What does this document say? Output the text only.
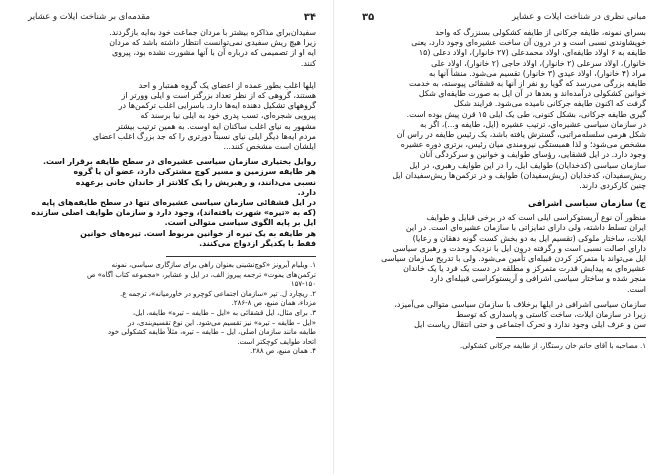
۳۴
مقدمه‌ای بر شناخت ایلات و عشایر
سفیدان‌برای مذاکره بیشتر با مردان جماعت خود به‌ایه بازگردند.
زیرا هیچ ریش سفیدی نمی‌توانست انتظار داشته باشد که مردان
ایه او از تصمیمی که درباره آن با آنها مشورت نشده بود، پیروی
کنند.
ایلها اغلب بطور عمده از اعضای یک گروه همتبار و احد
هستند، گروهی که از نظر تعداد بزرگتر است و ایلی وورتر از
گروههای تشکیل دهنده ایه‌ها دارد. باسرایی اغلب ترکمن‌ها در
پیرویی شجره‌ای، تسب پدری خود به ایلی نیا برسند که
مشهور به نیای اغلب ساکنان ایه اوست. به همین ترتیب بیشتر
مردم ایه‌ها دیگر ایلی نیای نسبتاً دورتری را که جد بزرگ اغلب اعضای
ایلشان است مشخص کنند...
روایل بختیاری سازمان سیاسی عشیره‌ای در سطح طایفه برقرار است.
هر طایفه سرزمین و مسیر کوچ مشترکی دارد، عضو آن یا گروه
نسبی می‌دانند، و رهبریش را یک کلانتر از خاندان خانی برعهده
دارد.
در ایل قشقائی سازمان سیاسی عشیره‌ای تنها در سطح طایفه‌های پایه
(که به «تیره» شهرت یافته‌اند)، وجود دارد و سازمان طوایف اصلی سازنده
ایل بر پایه الگوی سیاسی متوالی است.
هر طایفه به یک تیره از خوانین مربوط است. تیره‌های خوانین
فقط با یکدیگر ازدواج می‌کنند.

۱. ویلیام آیرونز «کوچ‌نشینی بعنوان راهی برای سازگاری سیاسی، نمونه

ترکمن‌های یموت» ترجمه پیروز الف، در ایل و عشایر، «مجموعه کتاب آگاه» ص

۱۵۷-۱۵۰

۲. ریچارد ل. تپر «سازمان اجتماعی کوچرو در خاورمیانه»، ترجمه ع.

مزداء، همان منبع، ص ۸-۲۸۶.

۳. برای مثال، ایل قشقائی به «ایل – طایفه – تیره» طایفه، ایل،

«ایل – طایفه – تیره» نیز تقسیم می‌شود. این نوع تقسیم‌بندی، در

طایفه مانند سازمان اصلی، ایل – طایفه – تیره، مثلاً طایفه کشکولی خود

اتحاد طوایف کوچکتر است.

۴. همان منبع، ص ۲۸۸.

مبانی نظری در شناخت ایلات و عشایر
۳۵
بسرای نمونه، طایفه جرکانی از طایفه کشکولی بسنزرگ که واحد
خویشاوندی نسبی است و در درون آن ساخت عشیره‌ای وجود دارد، یعنی
طایفه به ۶ اولاد طایفه‌ای، اولاد محمدعلی (۲۷ خانوار)، اولاد دعلی (۱۵
خانوار)، اولاد سرعلی (۲ خانوار)، اولاد حاجی (۲ خانوار)، اولاد علی
مراد (۴ خانوار)، اولاد عیدی (۳ خانوار) تقسیم می‌شود. منشأ آنها به
طایفه بزرگی می‌رسد که گویا رو نفر از آنها به قشقائی پیوسته، به خدمت
خوانین کشکولی درآمده‌اند و بعدها در آن ایل به صورت طایفه‌ای شکل
گرفت که اکنون طایفه جرکانی نامیده می‌شود. فرایند شکل
گیری طایفه جرکانی، بشکل کنونی، طی یک ایلی ۱۵ قرن پیش بوده است.
در سازمان سیاسی عشیره‌ای، ترتیب عشیره (ایل، طایفه و...)، اگر به
شکل هرمی سلسله‌مراتبی، گسترش یافته باشد، یک رئیس طایفه در راس آن
مشخص می‌شود؛ و لذا همبستگی نیرومندی میان رئیس، برتری دوره عشیره
وجود دارد. در ایل قشقایی، رؤسای طوایف و خوانین و سرکردگی آنان
سازمان سیاسی (کدخدایان) طوایف ایل، را در این طوایف رهبری، در ایل
ریش‌سفیدان، کدخدایان (ریش‌سفیدان) طوایف و در ترکمن‌ها ریش‌سفیدان ایل
چنین کارکردی دارند.
ج) سازمان سیاسی اشرافی
منظور آن نوع آریستوکراسی ایلی است که در برخی قبایل و طوایف
ایران تسلط داشته، ولی دارای تمایزاتی با سازمان عشیره‌ای است. در این
ایلات، ساختار ملوکی (تقسیم ایل به دو بخش کست گونه دهقان و رعایا)
دارای اصالت نسبی است و رگرفته درون ایل با نزدیک وحدت و رهبری سیاسی
ایل می‌تواند با متمرکز کردن قبیله‌ای تأمین می‌شود. ولی با تدریج سازمان سیاسی
عشیره‌ای به پیدایش قدرت متمرکز و مطلقه در دست یک فرد یا یک خاندان
منجر شده و ساختار سیاسی اشرافی و آریستوکراسی قبیله‌ای دارد
است.
سازمان سیاسی اشرافی در ایلها برخلاف با سازمان سیاسی متوالی می‌آمیزد،
زیرا در سازمان ایلات، ساخت کاستی و پاسداری که توسط
سن و عرف ایلی وجود ندارد و تحرک اجتماعی و حتی انتقال ریاست ایل

۱. مصاحبه با آقای حاتم خان رستگار، از طایفه جرکانی کشکولی.
